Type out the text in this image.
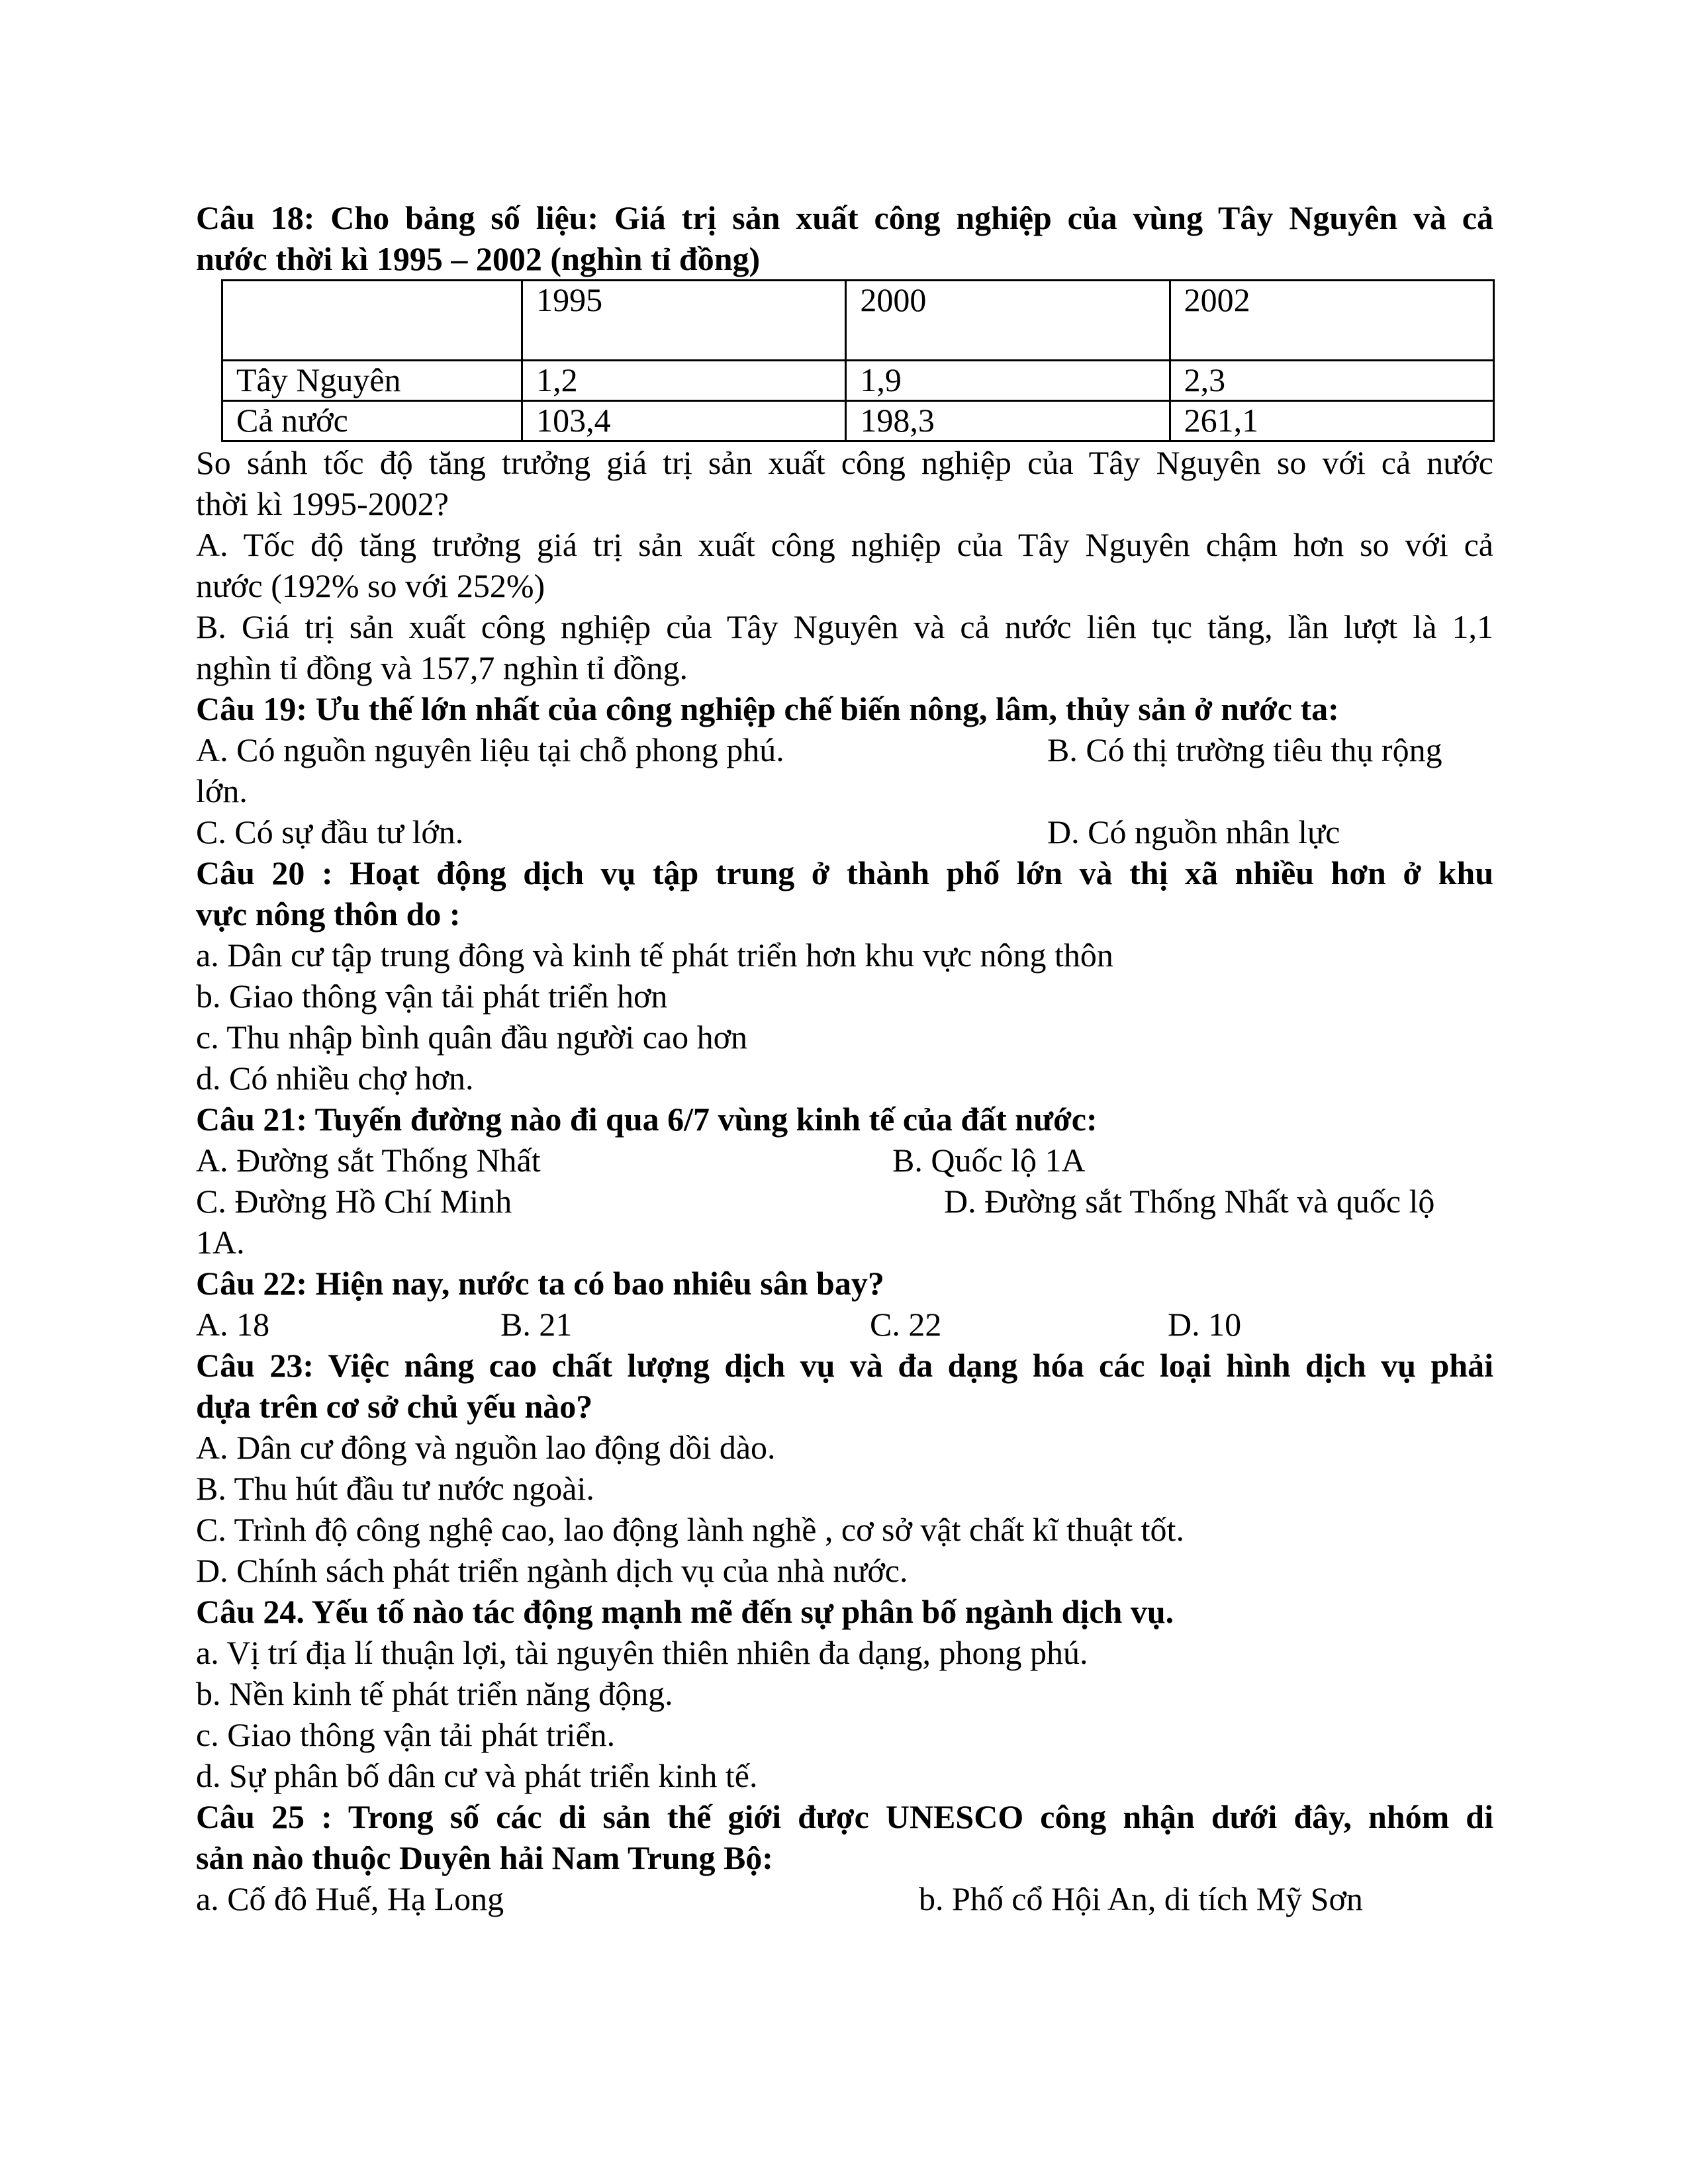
Câu 18: Cho bảng số liệu: Giá trị sản xuất công nghiệp của vùng Tây Nguyên và cả
nước thời kì 1995 – 2002 (nghìn tỉ đồng)
	1995	2000	2002
Tây Nguyên	1,2	1,9	2,3
Cả nước	103,4	198,3	261,1
So sánh tốc độ tăng trưởng giá trị sản xuất công nghiệp của Tây Nguyên so với cả nước
thời kì 1995-2002?
A. Tốc độ tăng trưởng giá trị sản xuất công nghiệp của Tây Nguyên chậm hơn so với cả
nước (192% so với 252%)
B. Giá trị sản xuất công nghiệp của Tây Nguyên và cả nước liên tục tăng, lần lượt là 1,1
nghìn tỉ đồng và 157,7 nghìn tỉ đồng.
Câu 19: Ưu thế lớn nhất của công nghiệp chế biến nông, lâm, thủy sản ở nước ta:
A. Có nguồn nguyên liệu tại chỗ phong phú.	B. Có thị trường tiêu thụ rộng
lớn.
C. Có sự đầu tư lớn.	D. Có nguồn nhân lực
Câu 20 : Hoạt động dịch vụ tập trung ở thành phố lớn và thị xã nhiều hơn ở khu
vực nông thôn do :
a. Dân cư tập trung đông và kinh tế phát triển hơn khu vực nông thôn
b. Giao thông vận tải phát triển hơn
c. Thu nhập bình quân đầu người cao hơn
d. Có nhiều chợ hơn.
Câu 21: Tuyến đường nào đi qua 6/7 vùng kinh tế của đất nước:
A. Đường sắt Thống Nhất	B. Quốc lộ 1A
C. Đường Hồ Chí Minh	D. Đường sắt Thống Nhất và quốc lộ
1A.
Câu 22: Hiện nay, nước ta có bao nhiêu sân bay?
A. 18	B. 21	C. 22	D. 10
Câu 23: Việc nâng cao chất lượng dịch vụ và đa dạng hóa các loại hình dịch vụ phải
dựa trên cơ sở chủ yếu nào?
A. Dân cư đông và nguồn lao động dồi dào.
B. Thu hút đầu tư nước ngoài.
C. Trình độ công nghệ cao, lao động lành nghề , cơ sở vật chất kĩ thuật tốt.
D. Chính sách phát triển ngành dịch vụ của nhà nước.
Câu 24. Yếu tố nào tác động mạnh mẽ đến sự phân bố ngành dịch vụ.
a. Vị trí địa lí thuận lợi, tài nguyên thiên nhiên đa dạng, phong phú.
b. Nền kinh tế phát triển năng động.
c. Giao thông vận tải phát triển.
d. Sự phân bố dân cư và phát triển kinh tế.
Câu 25 : Trong số các di sản thế giới được UNESCO công nhận dưới đây, nhóm di
sản nào thuộc Duyên hải Nam Trung Bộ:
a. Cố đô Huế, Hạ Long	b. Phố cổ Hội An, di tích Mỹ Sơn
